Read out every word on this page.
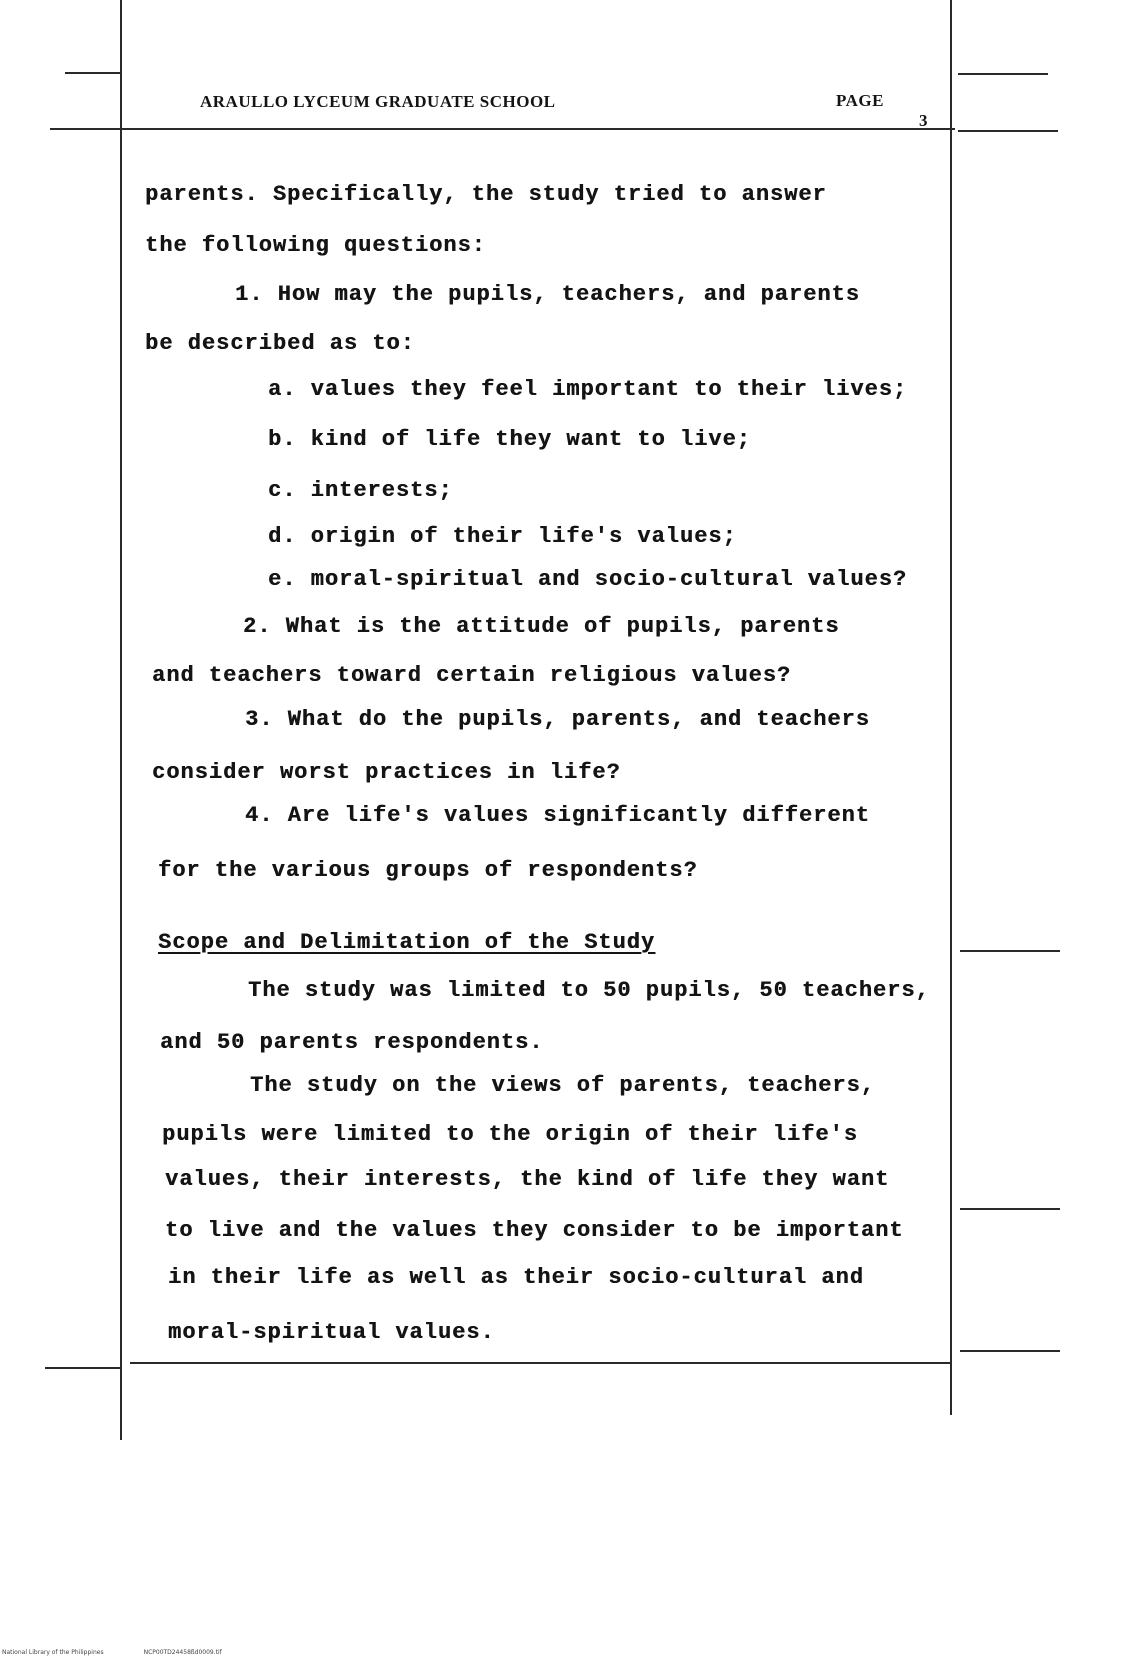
ARAULLO LYCEUM GRADUATE SCHOOL	PAGE
3
parents. Specifically, the study tried to answer
the following questions:
1. How may the pupils, teachers, and parents
be described as to:
a. values they feel important to their lives;
b. kind of life they want to live;
c. interests;
d. origin of their life's values;
e. moral-spiritual and socio-cultural values?
2. What is the attitude of pupils, parents
and teachers toward certain religious values?
3. What do the pupils, parents, and teachers
consider worst practices in life?
4. Are life's values significantly different
for the various groups of respondents?
Scope and Delimitation of the Study
The study was limited to 50 pupils, 50 teachers,
and 50 parents respondents.
The study on the views of parents, teachers,
pupils were limited to the origin of their life's
values, their interests, the kind of life they want
to live and the values they consider to be important
in their life as well as their socio-cultural and
moral-spiritual values.
National Library of the Philippines	NCP00TD24458ßd0009.tif
